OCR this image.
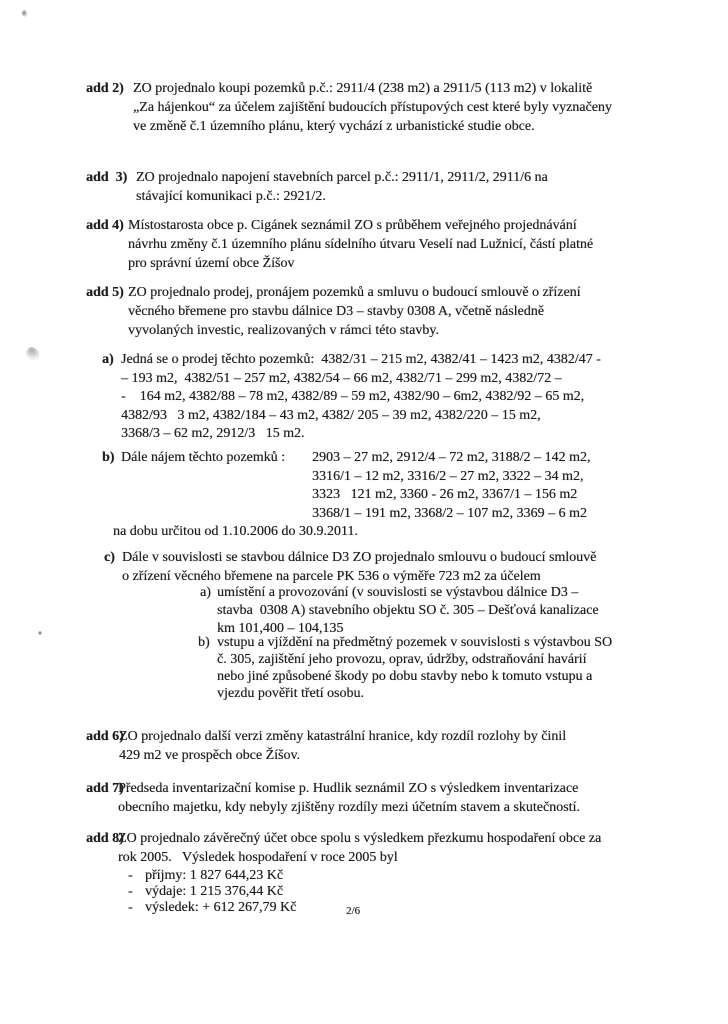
add 2) ZO projednalo koupi pozemků p.č.: 2911/4 (238 m2) a 2911/5 (113 m2) v lokalitě
„Za hájenkou“ za účelem zajištění budoucích přístupových cest které byly vyznačeny
ve změně č.1 územního plánu, který vychází z urbanistické studie obce.
add  3) ZO projednalo napojení stavebních parcel p.č.: 2911/1, 2911/2, 2911/6 na
stávající komunikaci p.č.: 2921/2.
add 4) Místostarosta obce p. Cigánek seznámil ZO s průběhem veřejného projednávání
návrhu změny č.1 územního plánu sídelního útvaru Veselí nad Lužnicí, částí platné
pro správní území obce Žíšov
add 5) ZO projednalo prodej, pronájem pozemků a smluvu o budoucí smlouvě o zřízení
věcného břemene pro stavbu dálnice D3 – stavby 0308 A, včetně následně
vyvolaných investic, realizovaných v rámci této stavby.
a) Jedná se o prodej těchto pozemků:  4382/31 – 215 m2, 4382/41 – 1423 m2, 4382/47 -
– 193 m2,  4382/51 – 257 m2, 4382/54 – 66 m2, 4382/71 – 299 m2, 4382/72 –
-    164 m2, 4382/88 – 78 m2, 4382/89 – 59 m2, 4382/90 – 6m2, 4382/92 – 65 m2,
4382/93   3 m2, 4382/184 – 43 m2, 4382/ 205 – 39 m2, 4382/220 – 15 m2,
3368/3 – 62 m2, 2912/3   15 m2.
b) Dále nájem těchto pozemků : 2903 – 27 m2, 2912/4 – 72 m2, 3188/2 – 142 m2,
3316/1 – 12 m2, 3316/2 – 27 m2, 3322 – 34 m2,
3323   121 m2, 3360 - 26 m2, 3367/1 – 156 m2
3368/1 – 191 m2, 3368/2 – 107 m2, 3369 – 6 m2
na dobu určitou od 1.10.2006 do 30.9.2011.
c) Dále v souvislosti se stavbou dálnice D3 ZO projednalo smlouvu o budoucí smlouvě
o zřízení věcného břemene na parcele PK 536 o výměře 723 m2 za účelem
a) umístění a provozování (v souvislosti se výstavbou dálnice D3 –
stavba  0308 A) stavebního objektu SO č. 305 – Dešťová kanalizace
km 101,400 – 104,135
b) vstupu a vjíždění na předmětný pozemek v souvislosti s výstavbou SO
č. 305, zajištění jeho provozu, oprav, údržby, odstraňování havárií
nebo jiné způsobené škody po dobu stavby nebo k tomuto vstupu a
vjezdu pověřit třetí osobu.
add 6)
ZO projednalo další verzi změny katastrální hranice, kdy rozdíl rozlohy by činil
429 m2 ve prospěch obce Žíšov.
add 7)
Předseda inventarizační komise p. Hudlik seznámil ZO s výsledkem inventarizace
obecního majetku, kdy nebyly zjištěny rozdíly mezi účetním stavem a skutečností.
add 8)
ZO projednalo závěrečný účet obce spolu s výsledkem přezkumu hospodaření obce za
rok 2005.   Výsledek hospodaření v roce 2005 byl
- příjmy: 1 827 644,23 Kč
- výdaje: 1 215 376,44 Kč
- výsledek: + 612 267,79 Kč	2/6
